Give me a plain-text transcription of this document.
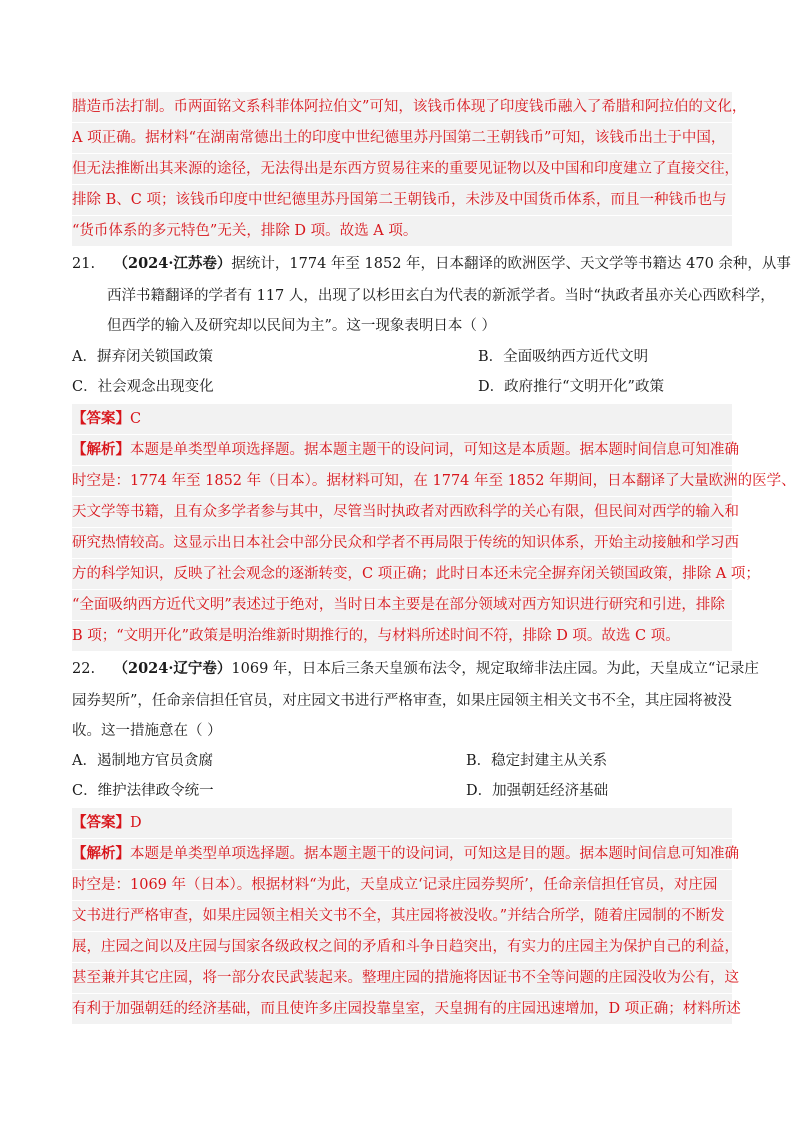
腊造币法打制。币两面铭文系科菲体阿拉伯文”可知，该钱币体现了印度钱币融入了希腊和阿拉伯的文化，
A 项正确。据材料“在湖南常德出土的印度中世纪德里苏丹国第二王朝钱币”可知，该钱币出土于中国，
但无法推断出其来源的途径，无法得出是东西方贸易往来的重要见证物以及中国和印度建立了直接交往，
排除 B、C 项；该钱币印度中世纪德里苏丹国第二王朝钱币，未涉及中国货币体系，而且一种钱币也与
“货币体系的多元特色”无关，排除 D 项。故选 A 项。
21. （2024·江苏卷）据统计，1774 年至 1852 年，日本翻译的欧洲医学、天文学等书籍达 470 余种，从事
西洋书籍翻译的学者有 117 人，出现了以杉田玄白为代表的新派学者。当时“执政者虽亦关心西欧科学，
但西学的输入及研究却以民间为主”。这一现象表明日本（ ）
A．摒弃闭关锁国政策	B．全面吸纳西方近代文明
C．社会观念出现变化	D．政府推行“文明开化”政策
【答案】C
【解析】本题是单类型单项选择题。据本题主题干的设问词，可知这是本质题。据本题时间信息可知准确
时空是：1774 年至 1852 年（日本）。据材料可知，在 1774 年至 1852 年期间，日本翻译了大量欧洲的医学、
天文学等书籍，且有众多学者参与其中，尽管当时执政者对西欧科学的关心有限，但民间对西学的输入和
研究热情较高。这显示出日本社会中部分民众和学者不再局限于传统的知识体系，开始主动接触和学习西
方的科学知识，反映了社会观念的逐渐转变，C 项正确；此时日本还未完全摒弃闭关锁国政策，排除 A 项；
“全面吸纳西方近代文明”表述过于绝对，当时日本主要是在部分领域对西方知识进行研究和引进，排除
B 项；“文明开化”政策是明治维新时期推行的，与材料所述时间不符，排除 D 项。故选 C 项。
22. （2024·辽宁卷）1069 年，日本后三条天皇颁布法令，规定取缔非法庄园。为此，天皇成立“记录庄
园券契所”，任命亲信担任官员，对庄园文书进行严格审查，如果庄园领主相关文书不全，其庄园将被没
收。这一措施意在（ ）
A．遏制地方官员贪腐	B．稳定封建主从关系
C．维护法律政令统一	D．加强朝廷经济基础
【答案】D
【解析】本题是单类型单项选择题。据本题主题干的设问词，可知这是目的题。据本题时间信息可知准确
时空是：1069 年（日本）。根据材料“为此，天皇成立‘记录庄园券契所’，任命亲信担任官员，对庄园
文书进行严格审查，如果庄园领主相关文书不全，其庄园将被没收。”并结合所学，随着庄园制的不断发
展，庄园之间以及庄园与国家各级政权之间的矛盾和斗争日趋突出，有实力的庄园主为保护自己的利益，
甚至兼并其它庄园，将一部分农民武装起来。整理庄园的措施将因证书不全等问题的庄园没收为公有，这
有利于加强朝廷的经济基础，而且使许多庄园投靠皇室，天皇拥有的庄园迅速增加，D 项正确；材料所述
